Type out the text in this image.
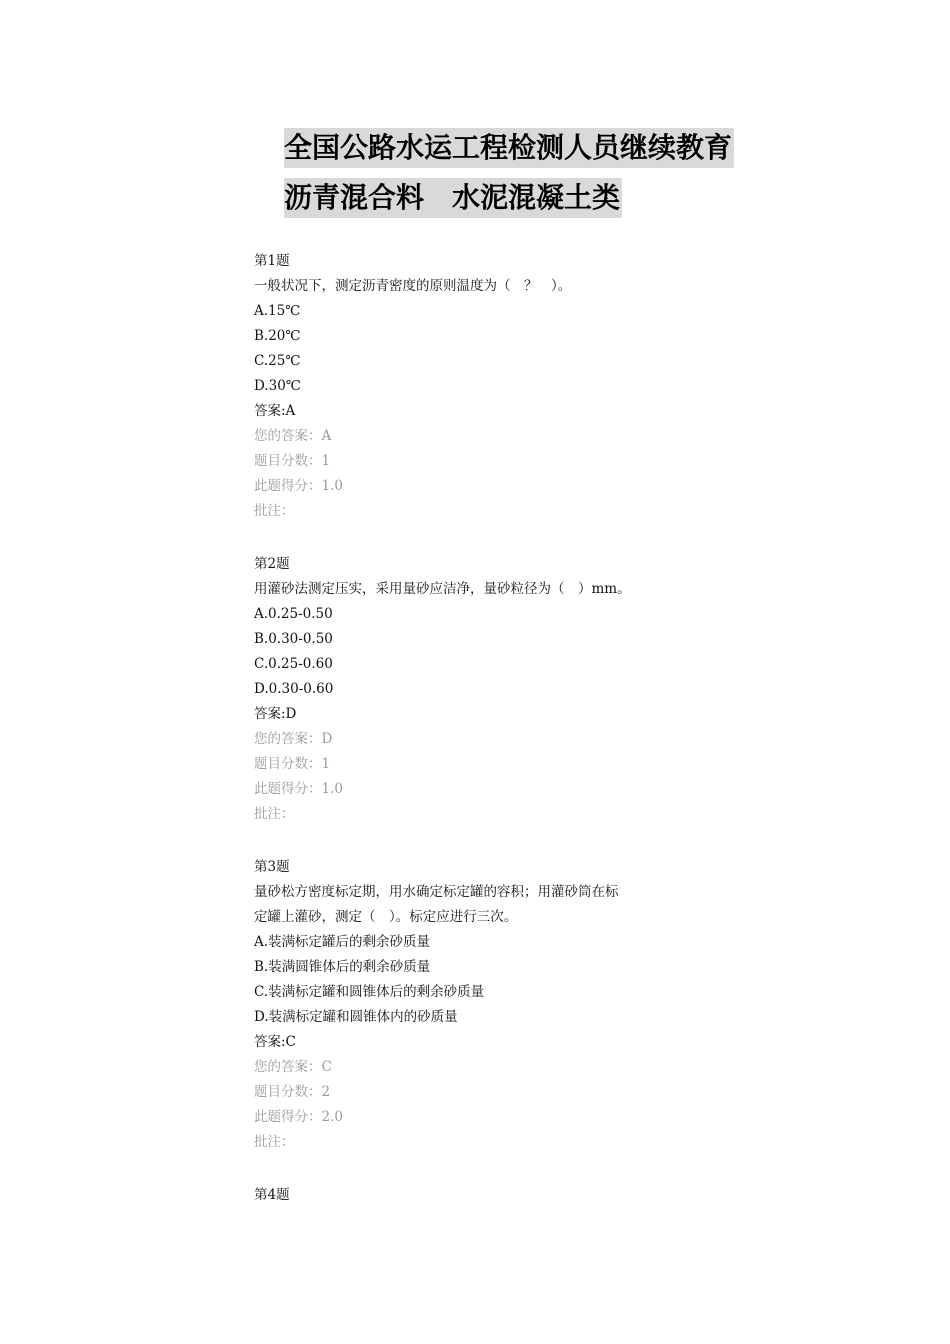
全国公路水运工程检测人员继续教育
沥青混合料　水泥混凝土类
第1题
一般状况下，测定沥青密度的原则温度为（　？　）。
A.15℃
B.20℃
C.25℃
D.30℃
答案:A
您的答案：A
题目分数：1
此题得分：1.0
批注：
第2题
用灌砂法测定压实，采用量砂应洁净，量砂粒径为（　）mm。
A.0.25-0.50
B.0.30-0.50
C.0.25-0.60
D.0.30-0.60
答案:D
您的答案：D
题目分数：1
此题得分：1.0
批注：
第3题
量砂松方密度标定期，用水确定标定罐的容积；用灌砂筒在标
定罐上灌砂，测定（　）。标定应进行三次。
A.装满标定罐后的剩余砂质量
B.装满圆锥体后的剩余砂质量
C.装满标定罐和圆锥体后的剩余砂质量
D.装满标定罐和圆锥体内的砂质量
答案:C
您的答案：C
题目分数：2
此题得分：2.0
批注：
第4题
